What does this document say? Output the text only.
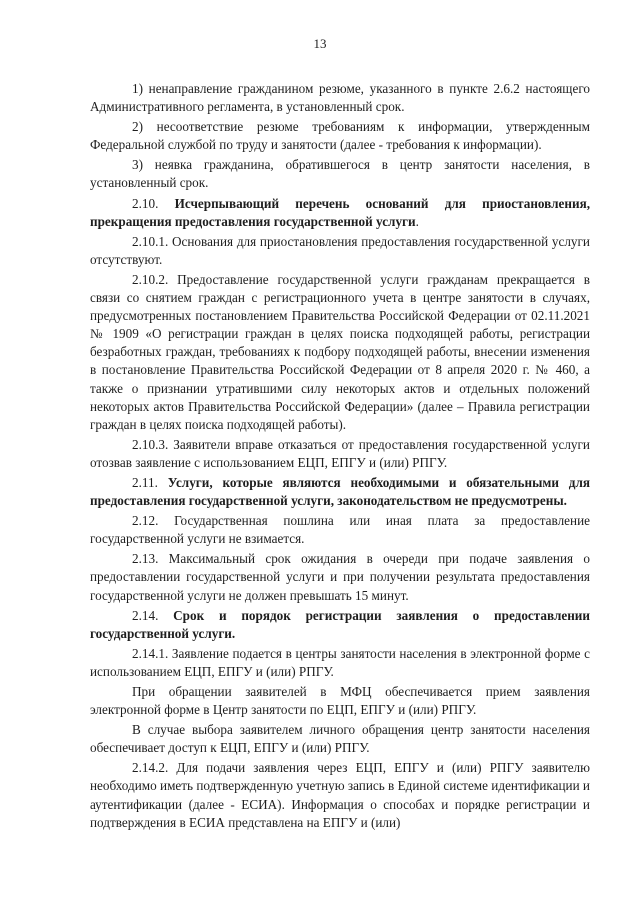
13

1) ненаправление гражданином резюме, указанного в пункте 2.6.2 настоящего Административного регламента, в установленный срок.

2) несоответствие резюме требованиям к информации, утвержденным Федеральной службой по труду и занятости (далее - требования к информации).

3) неявка гражданина, обратившегося в центр занятости населения, в установленный срок.

2.10. Исчерпывающий перечень оснований для приостановления, прекращения предоставления государственной услуги.

2.10.1. Основания для приостановления предоставления государственной услуги отсутствуют.

2.10.2. Предоставление государственной услуги гражданам прекращается в связи со снятием граждан с регистрационного учета в центре занятости в случаях, предусмотренных постановлением Правительства Российской Федерации от 02.11.2021 № 1909 «О регистрации граждан в целях поиска подходящей работы, регистрации безработных граждан, требованиях к подбору подходящей работы, внесении изменения в постановление Правительства Российской Федерации от 8 апреля 2020 г. № 460, а также о признании утратившими силу некоторых актов и отдельных положений некоторых актов Правительства Российской Федерации» (далее – Правила регистрации граждан в целях поиска подходящей работы).

2.10.3. Заявители вправе отказаться от предоставления государственной услуги отозвав заявление с использованием ЕЦП, ЕПГУ и (или) РПГУ.

2.11. Услуги, которые являются необходимыми и обязательными для предоставления государственной услуги, законодательством не предусмотрены.

2.12. Государственная пошлина или иная плата за предоставление государственной услуги не взимается.

2.13. Максимальный срок ожидания в очереди при подаче заявления о предоставлении государственной услуги и при получении результата предоставления государственной услуги не должен превышать 15 минут.

2.14. Срок и порядок регистрации заявления о предоставлении государственной услуги.

2.14.1. Заявление подается в центры занятости населения в электронной форме с использованием ЕЦП, ЕПГУ и (или) РПГУ.

При обращении заявителей в МФЦ обеспечивается прием заявления электронной форме в Центр занятости по ЕЦП, ЕПГУ и (или) РПГУ.

В случае выбора заявителем личного обращения центр занятости населения обеспечивает доступ к ЕЦП, ЕПГУ и (или) РПГУ.

2.14.2. Для подачи заявления через ЕЦП, ЕПГУ и (или) РПГУ заявителю необходимо иметь подтвержденную учетную запись в Единой системе идентификации и аутентификации (далее - ЕСИА). Информация о способах и порядке регистрации и подтверждения в ЕСИА представлена на ЕПГУ и (или)
